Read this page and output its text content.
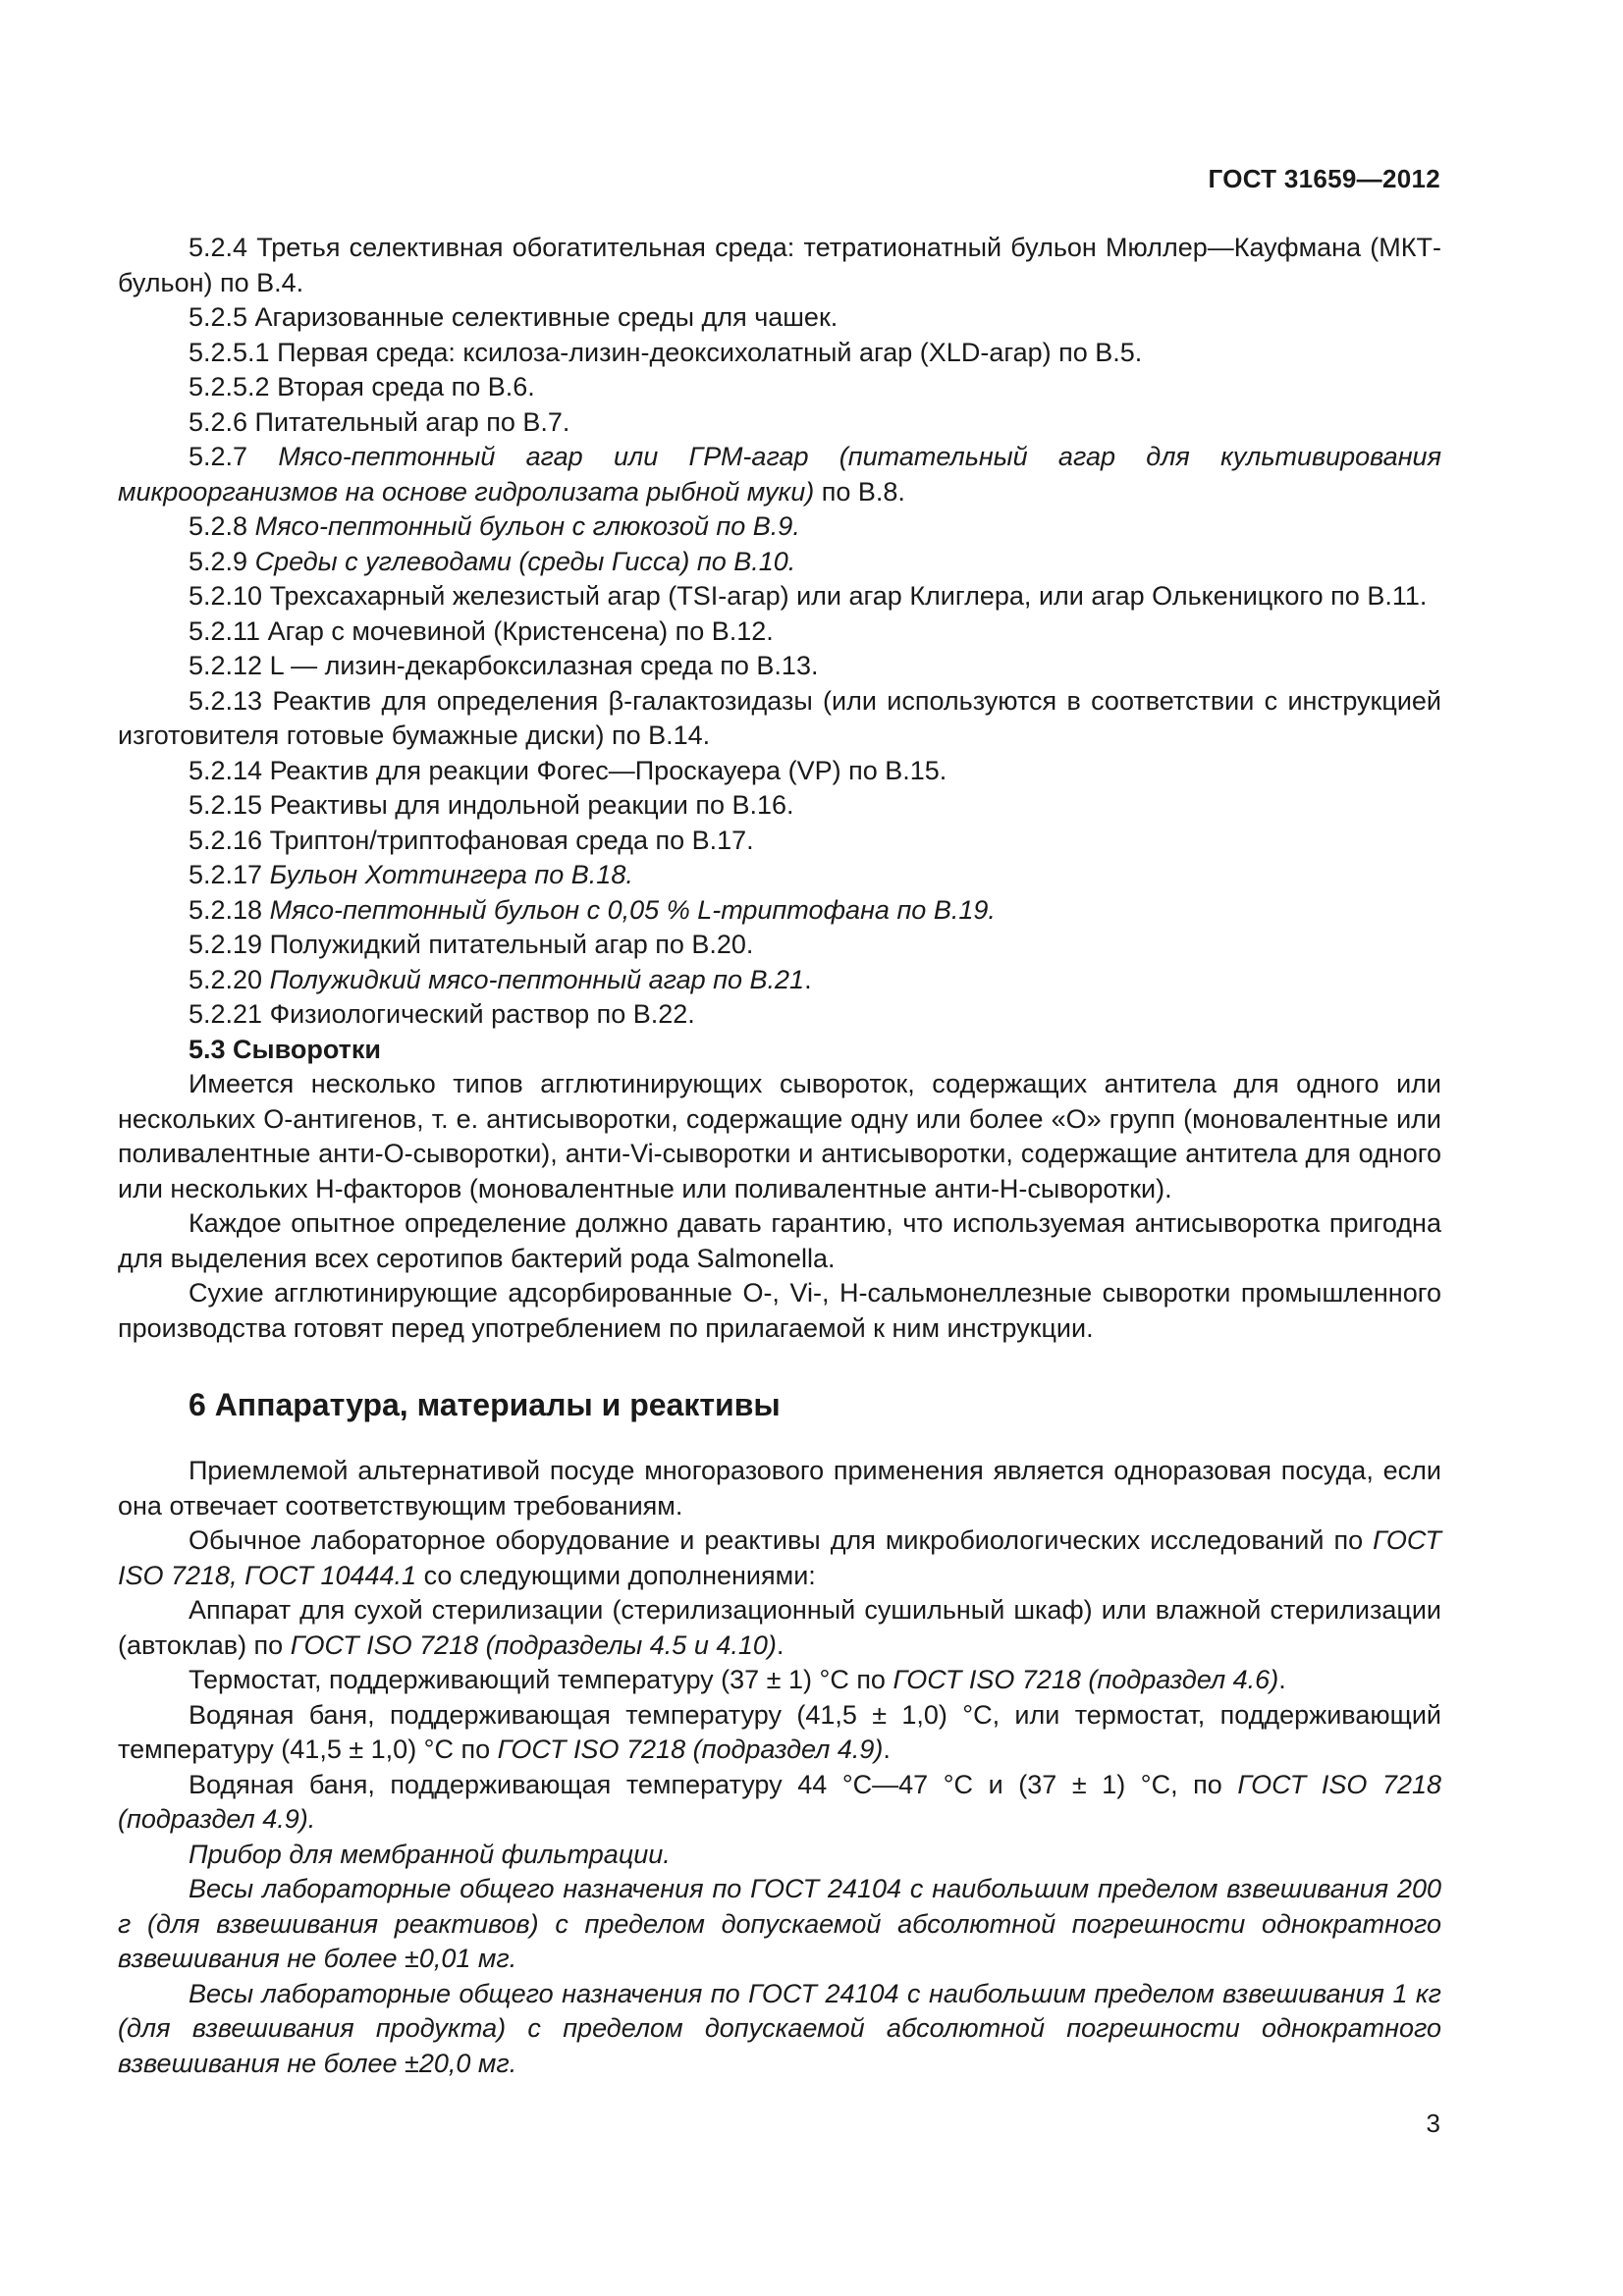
ГОСТ 31659—2012

5.2.4 Третья селективная обогатительная среда: тетратионатный бульон Мюллер—Кауфмана (МКТ-бульон) по В.4.

5.2.5 Агаризованные селективные среды для чашек.

5.2.5.1 Первая среда: ксилоза-лизин-деоксихолатный агар (XLD-агар) по В.5.

5.2.5.2 Вторая среда по В.6.

5.2.6 Питательный агар по В.7.

5.2.7 Мясо-пептонный агар или ГРМ-агар (питательный агар для культивирования микроорганизмов на основе гидролизата рыбной муки) по В.8.

5.2.8 Мясо-пептонный бульон с глюкозой по В.9.

5.2.9 Среды с углеводами (среды Гисса) по В.10.

5.2.10 Трехсахарный железистый агар (TSI-агар) или агар Клиглера, или агар Олькеницкого по В.11.

5.2.11 Агар с мочевиной (Кристенсена) по В.12.

5.2.12 L — лизин-декарбоксилазная среда по В.13.

5.2.13 Реактив для определения β-галактозидазы (или используются в соответствии с инструкцией изготовителя готовые бумажные диски) по В.14.

5.2.14 Реактив для реакции Фогес—Проскауера (VP) по В.15.

5.2.15 Реактивы для индольной реакции по В.16.

5.2.16 Триптон/триптофановая среда по В.17.

5.2.17 Бульон Хоттингера по В.18.

5.2.18 Мясо-пептонный бульон с 0,05 % L-триптофана по В.19.

5.2.19 Полужидкий питательный агар по В.20.

5.2.20 Полужидкий мясо-пептонный агар по В.21.

5.2.21 Физиологический раствор по В.22.

5.3 Сыворотки

Имеется несколько типов агглютинирующих сывороток, содержащих антитела для одного или нескольких О-антигенов, т. е. антисыворотки, содержащие одну или более «О» групп (моновалентные или поливалентные анти-О-сыворотки), анти-Vi-сыворотки и антисыворотки, содержащие антитела для одного или нескольких Н-факторов (моновалентные или поливалентные анти-Н-сыворотки).

Каждое опытное определение должно давать гарантию, что используемая антисыворотка пригодна для выделения всех серотипов бактерий рода Salmonella.

Сухие агглютинирующие адсорбированные О-, Vi-, Н-сальмонеллезные сыворотки промышленного производства готовят перед употреблением по прилагаемой к ним инструкции.

6 Аппаратура, материалы и реактивы

Приемлемой альтернативой посуде многоразового применения является одноразовая посуда, если она отвечает соответствующим требованиям.

Обычное лабораторное оборудование и реактивы для микробиологических исследований по ГОСТ ISO 7218, ГОСТ 10444.1 со следующими дополнениями:

Аппарат для сухой стерилизации (стерилизационный сушильный шкаф) или влажной стерилизации (автоклав) по ГОСТ ISO 7218 (подразделы 4.5 и 4.10).

Термостат, поддерживающий температуру (37 ± 1) °С по ГОСТ ISO 7218 (подраздел 4.6).

Водяная баня, поддерживающая температуру (41,5 ± 1,0) °С, или термостат, поддерживающий температуру (41,5 ± 1,0) °С по ГОСТ ISO 7218 (подраздел 4.9).

Водяная баня, поддерживающая температуру 44 °С—47 °С и (37 ± 1) °С, по ГОСТ ISO 7218 (подраздел 4.9).

Прибор для мембранной фильтрации.

Весы лабораторные общего назначения по ГОСТ 24104 с наибольшим пределом взвешивания 200 г (для взвешивания реактивов) с пределом допускаемой абсолютной погрешности однократного взвешивания не более ±0,01 мг.

Весы лабораторные общего назначения по ГОСТ 24104 с наибольшим пределом взвешивания 1 кг (для взвешивания продукта) с пределом допускаемой абсолютной погрешности однократного взвешивания не более ±20,0 мг.

3
